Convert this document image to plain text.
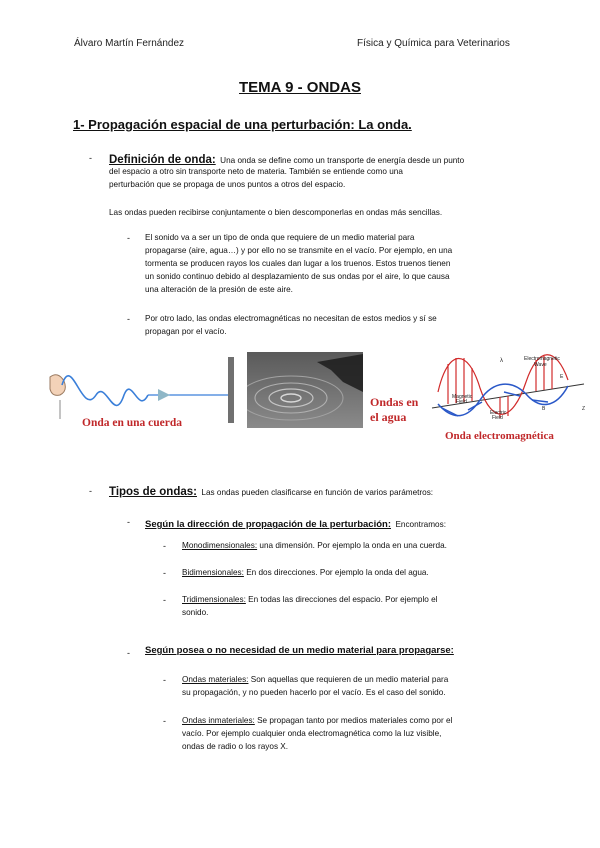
Álvaro Martín Fernández	Física y Química para Veterinarios
TEMA 9 - ONDAS
1- Propagación espacial de una perturbación: La onda.
- Definición de onda: Una onda se define como un transporte de energía desde un punto
del espacio a otro sin transporte neto de materia. También se entiende como una
perturbación que se propaga de unos puntos a otros del espacio.
Las ondas pueden recibirse conjuntamente o bien descomponerlas en ondas más sencillas.
- El sonido va a ser un tipo de onda que requiere de un medio material para
propagarse (aire, agua…) y por ello no se transmite en el vacío. Por ejemplo, en una
tormenta se producen rayos los cuales dan lugar a los truenos. Estos truenos tienen
un sonido continuo debido al desplazamiento de sus ondas por el aire, lo que causa
una alteración de la presión de este aire.
- Por otro lado, las ondas electromagnéticas no necesitan de estos medios y sí se
propagan por el vacío.
Onda en una cuerda
Ondas en
el agua
Electromagnetic
Wave
λ
Magnetic
Field
Electric
Field
E
B	Z
Onda electromagnética
- Tipos de ondas: Las ondas pueden clasificarse en función de varios parámetros:
- Según la dirección de propagación de la perturbación: Encontramos:
- Monodimensionales: una dimensión. Por ejemplo la onda en una cuerda.
- Bidimensionales: En dos direcciones. Por ejemplo la onda del agua.
- Tridimensionales: En todas las direcciones del espacio. Por ejemplo el
sonido.
- Según posea o no necesidad de un medio material para propagarse:
- Ondas materiales: Son aquellas que requieren de un medio material para
su propagación, y no pueden hacerlo por el vacío. Es el caso del sonido.
- Ondas inmateriales: Se propagan tanto por medios materiales como por el
vacío. Por ejemplo cualquier onda electromagnética como la luz visible,
ondas de radio o los rayos X.
